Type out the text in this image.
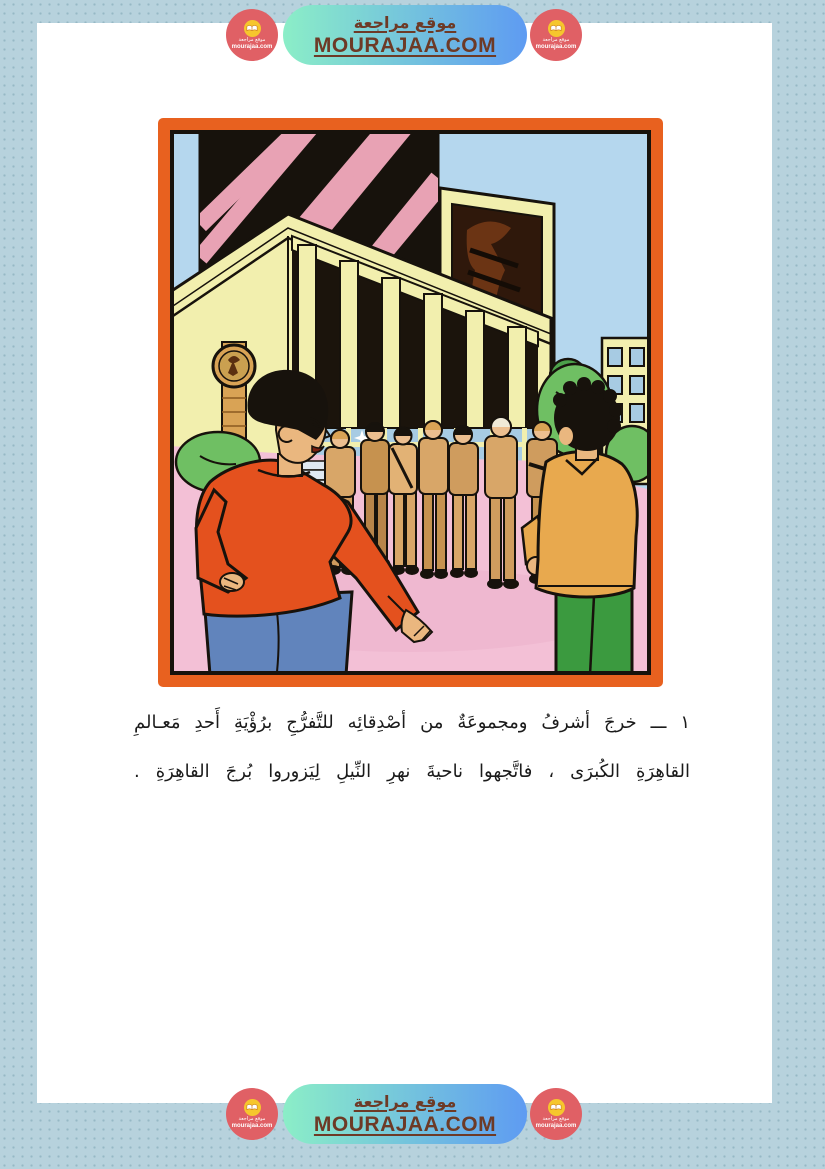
موقع مراجعة
mourajaa.com
موقع مراجعة
MOURAJAA.COM	موقع مراجعة
mourajaa.com
١ ـــ خرجَ أشرفُ ومجموعَةٌ من أصْدِقائِه للتَّفرُّجِ برُؤْيَةِ أَحدِ مَعـالمِ
القاهِرَةِ الكُبرَى ، فاتَّجهوا ناحيةَ نهرِ النِّيلِ لِيَزوروا بُرجَ القاهِرَةِ .
موقع مراجعة
mourajaa.com
موقع مراجعة
MOURAJAA.COM	موقع مراجعة
mourajaa.com
